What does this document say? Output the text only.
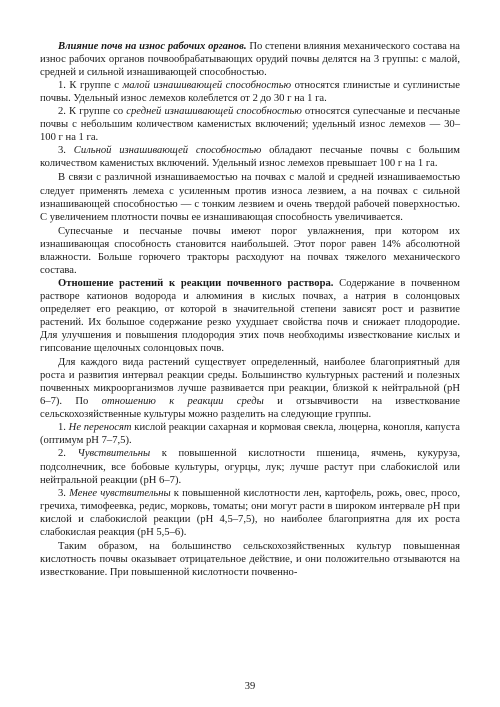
Влияние почв на износ рабочих органов. По степени влияния механического состава на износ рабочих органов почвообрабатывающих орудий почвы делятся на 3 группы: с малой, средней и сильной изнашивающей способностью.

1. К группе с малой изнашивающей способностью относятся глинистые и суглинистые почвы. Удельный износ лемехов колеблется от 2 до 30 г на 1 га.

2. К группе со средней изнашивающей способностью относятся супесчаные и песчаные почвы с небольшим количеством каменистых включений; удельный износ лемехов — 30–100 г на 1 га.

3. Сильной изнашивающей способностью обладают песчаные почвы с большим количеством каменистых включений. Удельный износ лемехов превышает 100 г на 1 га.

В связи с различной изнашиваемостью на почвах с малой и средней изнашиваемостью следует применять лемеха с усиленным против износа лезвием, а на почвах с сильной изнашивающей способностью — с тонким лезвием и очень твердой рабочей поверхностью. С увеличением плотности почвы ее изнашивающая способность увеличивается.

Супесчаные и песчаные почвы имеют порог увлажнения, при котором их изнашивающая способность становится наибольшей. Этот порог равен 14% абсолютной влажности. Больше горючего тракторы расходуют на почвах тяжелого механического состава.

Отношение растений к реакции почвенного раствора. Содержание в почвенном растворе катионов водорода и алюминия в кислых почвах, а натрия в солонцовых определяет его реакцию, от которой в значительной степени зависят рост и развитие растений. Их большое содержание резко ухудшает свойства почв и снижает плодородие. Для улучшения и повышения плодородия этих почв необходимы известкование кислых и гипсование щелочных солонцовых почв.

Для каждого вида растений существует определенный, наиболее благоприятный для роста и развития интервал реакции среды. Большинство культурных растений и полезных почвенных микроорганизмов лучше развивается при реакции, близкой к нейтральной (рН 6–7). По отношению к реакции среды и отзывчивости на известкование сельскохозяйственные культуры можно разделить на следующие группы.

1. Не переносят кислой реакции сахарная и кормовая свекла, люцерна, конопля, капуста (оптимум рН 7–7,5).

2. Чувствительны к повышенной кислотности пшеница, ячмень, кукуруза, подсолнечник, все бобовые культуры, огурцы, лук; лучше растут при слабокислой или нейтральной реакции (рН 6–7).

3. Менее чувствительны к повышенной кислотности лен, картофель, рожь, овес, просо, гречиха, тимофеевка, редис, морковь, томаты; они могут расти в широком интервале рН при кислой и слабокислой реакции (рН 4,5–7,5), но наиболее благоприятна для их роста слабокислая реакция (рН 5,5–6).

Таким образом, на большинство сельскохозяйственных культур повышенная кислотность почвы оказывает отрицательное действие, и они положительно отзываются на известкование. При повышенной кислотности почвенно-

39
